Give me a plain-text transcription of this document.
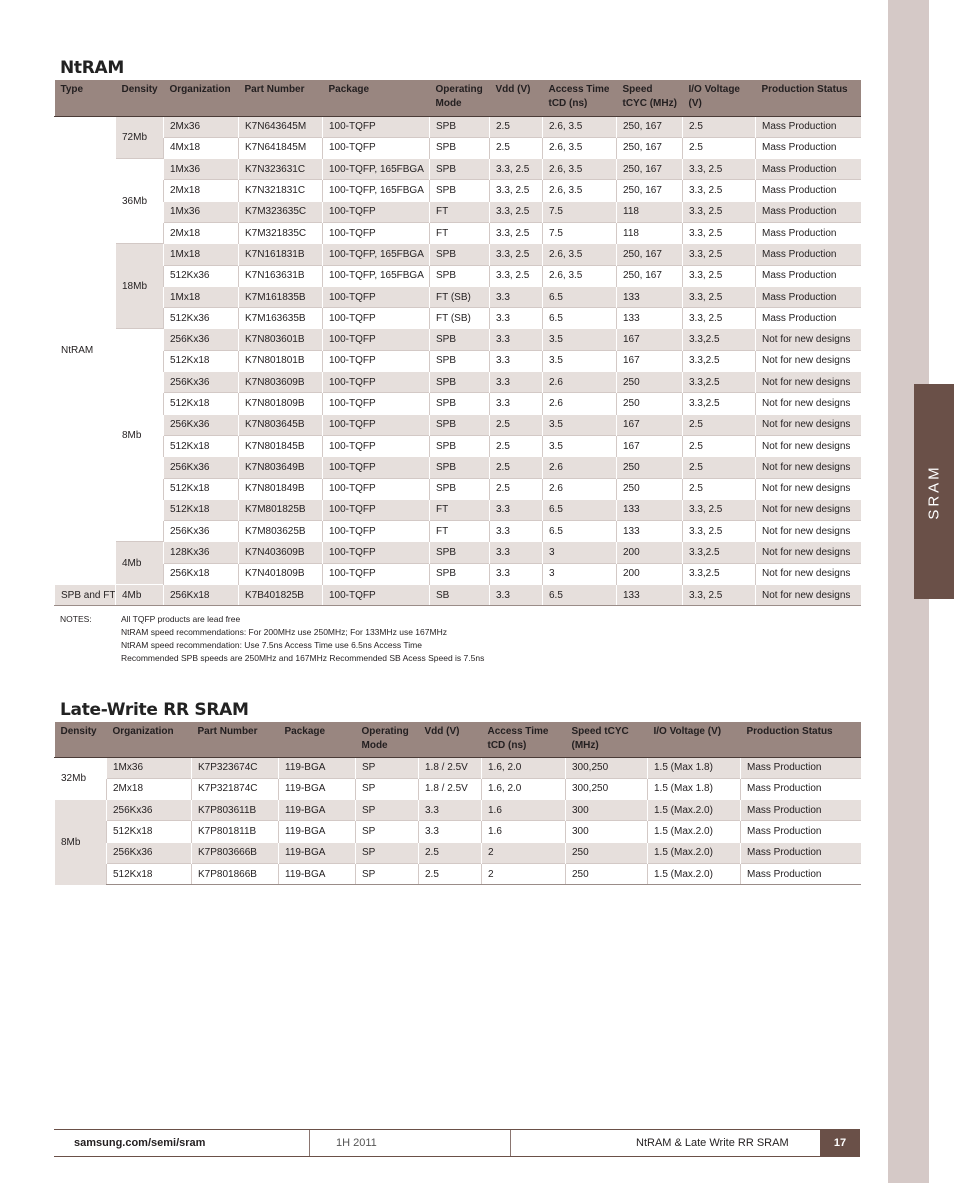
SRAM
NtRAM
Type	Density	Organization	Part Number	Package	Operating Mode	Vdd (V)	Access Time tCD (ns)	Speed tCYC (MHz)	I/O Voltage (V)	Production Status
NtRAM	72Mb	2Mx36	K7N643645M	100-TQFP	SPB	2.5	2.6, 3.5	250, 167	2.5	Mass Production
		4Mx18	K7N641845M	100-TQFP	SPB	2.5	2.6, 3.5	250, 167	2.5	Mass Production
	36Mb	1Mx36	K7N323631C	100-TQFP, 165FBGA	SPB	3.3, 2.5	2.6, 3.5	250, 167	3.3, 2.5	Mass Production
		2Mx18	K7N321831C	100-TQFP, 165FBGA	SPB	3.3, 2.5	2.6, 3.5	250, 167	3.3, 2.5	Mass Production
		1Mx36	K7M323635C	100-TQFP	FT	3.3, 2.5	7.5	118	3.3, 2.5	Mass Production
		2Mx18	K7M321835C	100-TQFP	FT	3.3, 2.5	7.5	118	3.3, 2.5	Mass Production
	18Mb	1Mx18	K7N161831B	100-TQFP, 165FBGA	SPB	3.3, 2.5	2.6, 3.5	250, 167	3.3, 2.5	Mass Production
		512Kx36	K7N163631B	100-TQFP, 165FBGA	SPB	3.3, 2.5	2.6, 3.5	250, 167	3.3, 2.5	Mass Production
		1Mx18	K7M161835B	100-TQFP	FT (SB)	3.3	6.5	133	3.3, 2.5	Mass Production
		512Kx36	K7M163635B	100-TQFP	FT (SB)	3.3	6.5	133	3.3, 2.5	Mass Production
	8Mb	256Kx36	K7N803601B	100-TQFP	SPB	3.3	3.5	167	3.3,2.5	Not for new designs
		512Kx18	K7N801801B	100-TQFP	SPB	3.3	3.5	167	3.3,2.5	Not for new designs
		256Kx36	K7N803609B	100-TQFP	SPB	3.3	2.6	250	3.3,2.5	Not for new designs
		512Kx18	K7N801809B	100-TQFP	SPB	3.3	2.6	250	3.3,2.5	Not for new designs
		256Kx36	K7N803645B	100-TQFP	SPB	2.5	3.5	167	2.5	Not for new designs
		512Kx18	K7N801845B	100-TQFP	SPB	2.5	3.5	167	2.5	Not for new designs
		256Kx36	K7N803649B	100-TQFP	SPB	2.5	2.6	250	2.5	Not for new designs
		512Kx18	K7N801849B	100-TQFP	SPB	2.5	2.6	250	2.5	Not for new designs
		512Kx18	K7M801825B	100-TQFP	FT	3.3	6.5	133	3.3, 2.5	Not for new designs
		256Kx36	K7M803625B	100-TQFP	FT	3.3	6.5	133	3.3, 2.5	Not for new designs
	4Mb	128Kx36	K7N403609B	100-TQFP	SPB	3.3	3	200	3.3,2.5	Not for new designs
		256Kx18	K7N401809B	100-TQFP	SPB	3.3	3	200	3.3,2.5	Not for new designs
SPB and FT	4Mb	256Kx18	K7B401825B	100-TQFP	SB	3.3	6.5	133	3.3, 2.5	Not for new designs
NOTES:	All TQFP products are lead free
NtRAM speed recommendations: For 200MHz use 250MHz; For 133MHz use 167MHz
NtRAM speed recommendation: Use 7.5ns Access Time use 6.5ns Access Time
Recommended SPB speeds are 250MHz and 167MHz Recommended SB Acess Speed is 7.5ns
Late-Write RR SRAM
Density	Organization	Part Number	Package	Operating Mode	Vdd (V)	Access Time tCD (ns)	Speed tCYC (MHz)	I/O Voltage (V)	Production Status
32Mb	1Mx36	K7P323674C	119-BGA	SP	1.8 / 2.5V	1.6, 2.0	300,250	1.5 (Max 1.8)	Mass Production
	2Mx18	K7P321874C	119-BGA	SP	1.8 / 2.5V	1.6, 2.0	300,250	1.5 (Max 1.8)	Mass Production
8Mb	256Kx36	K7P803611B	119-BGA	SP	3.3	1.6	300	1.5 (Max.2.0)	Mass Production
	512Kx18	K7P801811B	119-BGA	SP	3.3	1.6	300	1.5 (Max.2.0)	Mass Production
	256Kx36	K7P803666B	119-BGA	SP	2.5	2	250	1.5 (Max.2.0)	Mass Production
	512Kx18	K7P801866B	119-BGA	SP	2.5	2	250	1.5 (Max.2.0)	Mass Production
samsung.com/semi/sram	1H 2011	NtRAM & Late Write RR SRAM	17
